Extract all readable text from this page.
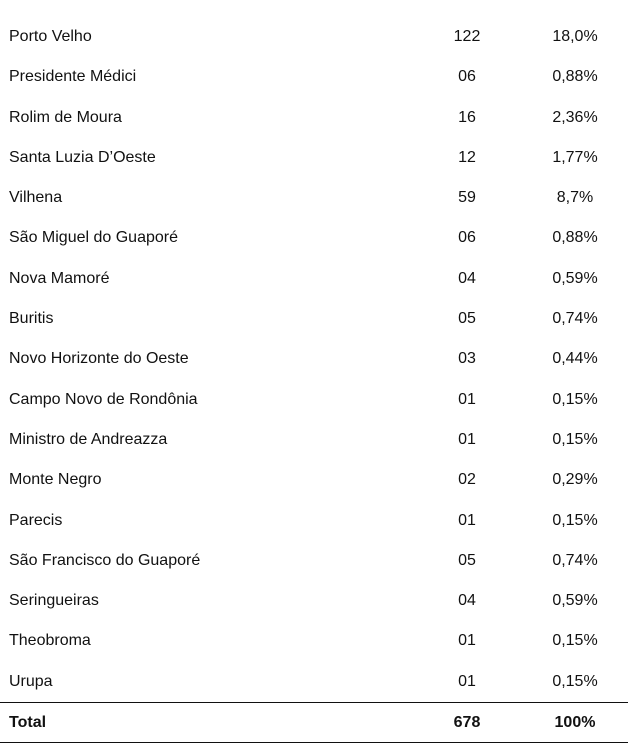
Porto Velho	122	18,0%
Presidente Médici	06	0,88%
Rolim de Moura	16	2,36%
Santa Luzia D’Oeste	12	1,77%
Vilhena	59	8,7%
São Miguel do Guaporé	06	0,88%
Nova Mamoré	04	0,59%
Buritis	05	0,74%
Novo Horizonte do Oeste	03	0,44%
Campo Novo de Rondônia	01	0,15%
Ministro de Andreazza	01	0,15%
Monte Negro	02	0,29%
Parecis	01	0,15%
São Francisco do Guaporé	05	0,74%
Seringueiras	04	0,59%
Theobroma	01	0,15%
Urupa	01	0,15%
Total	678	100%
